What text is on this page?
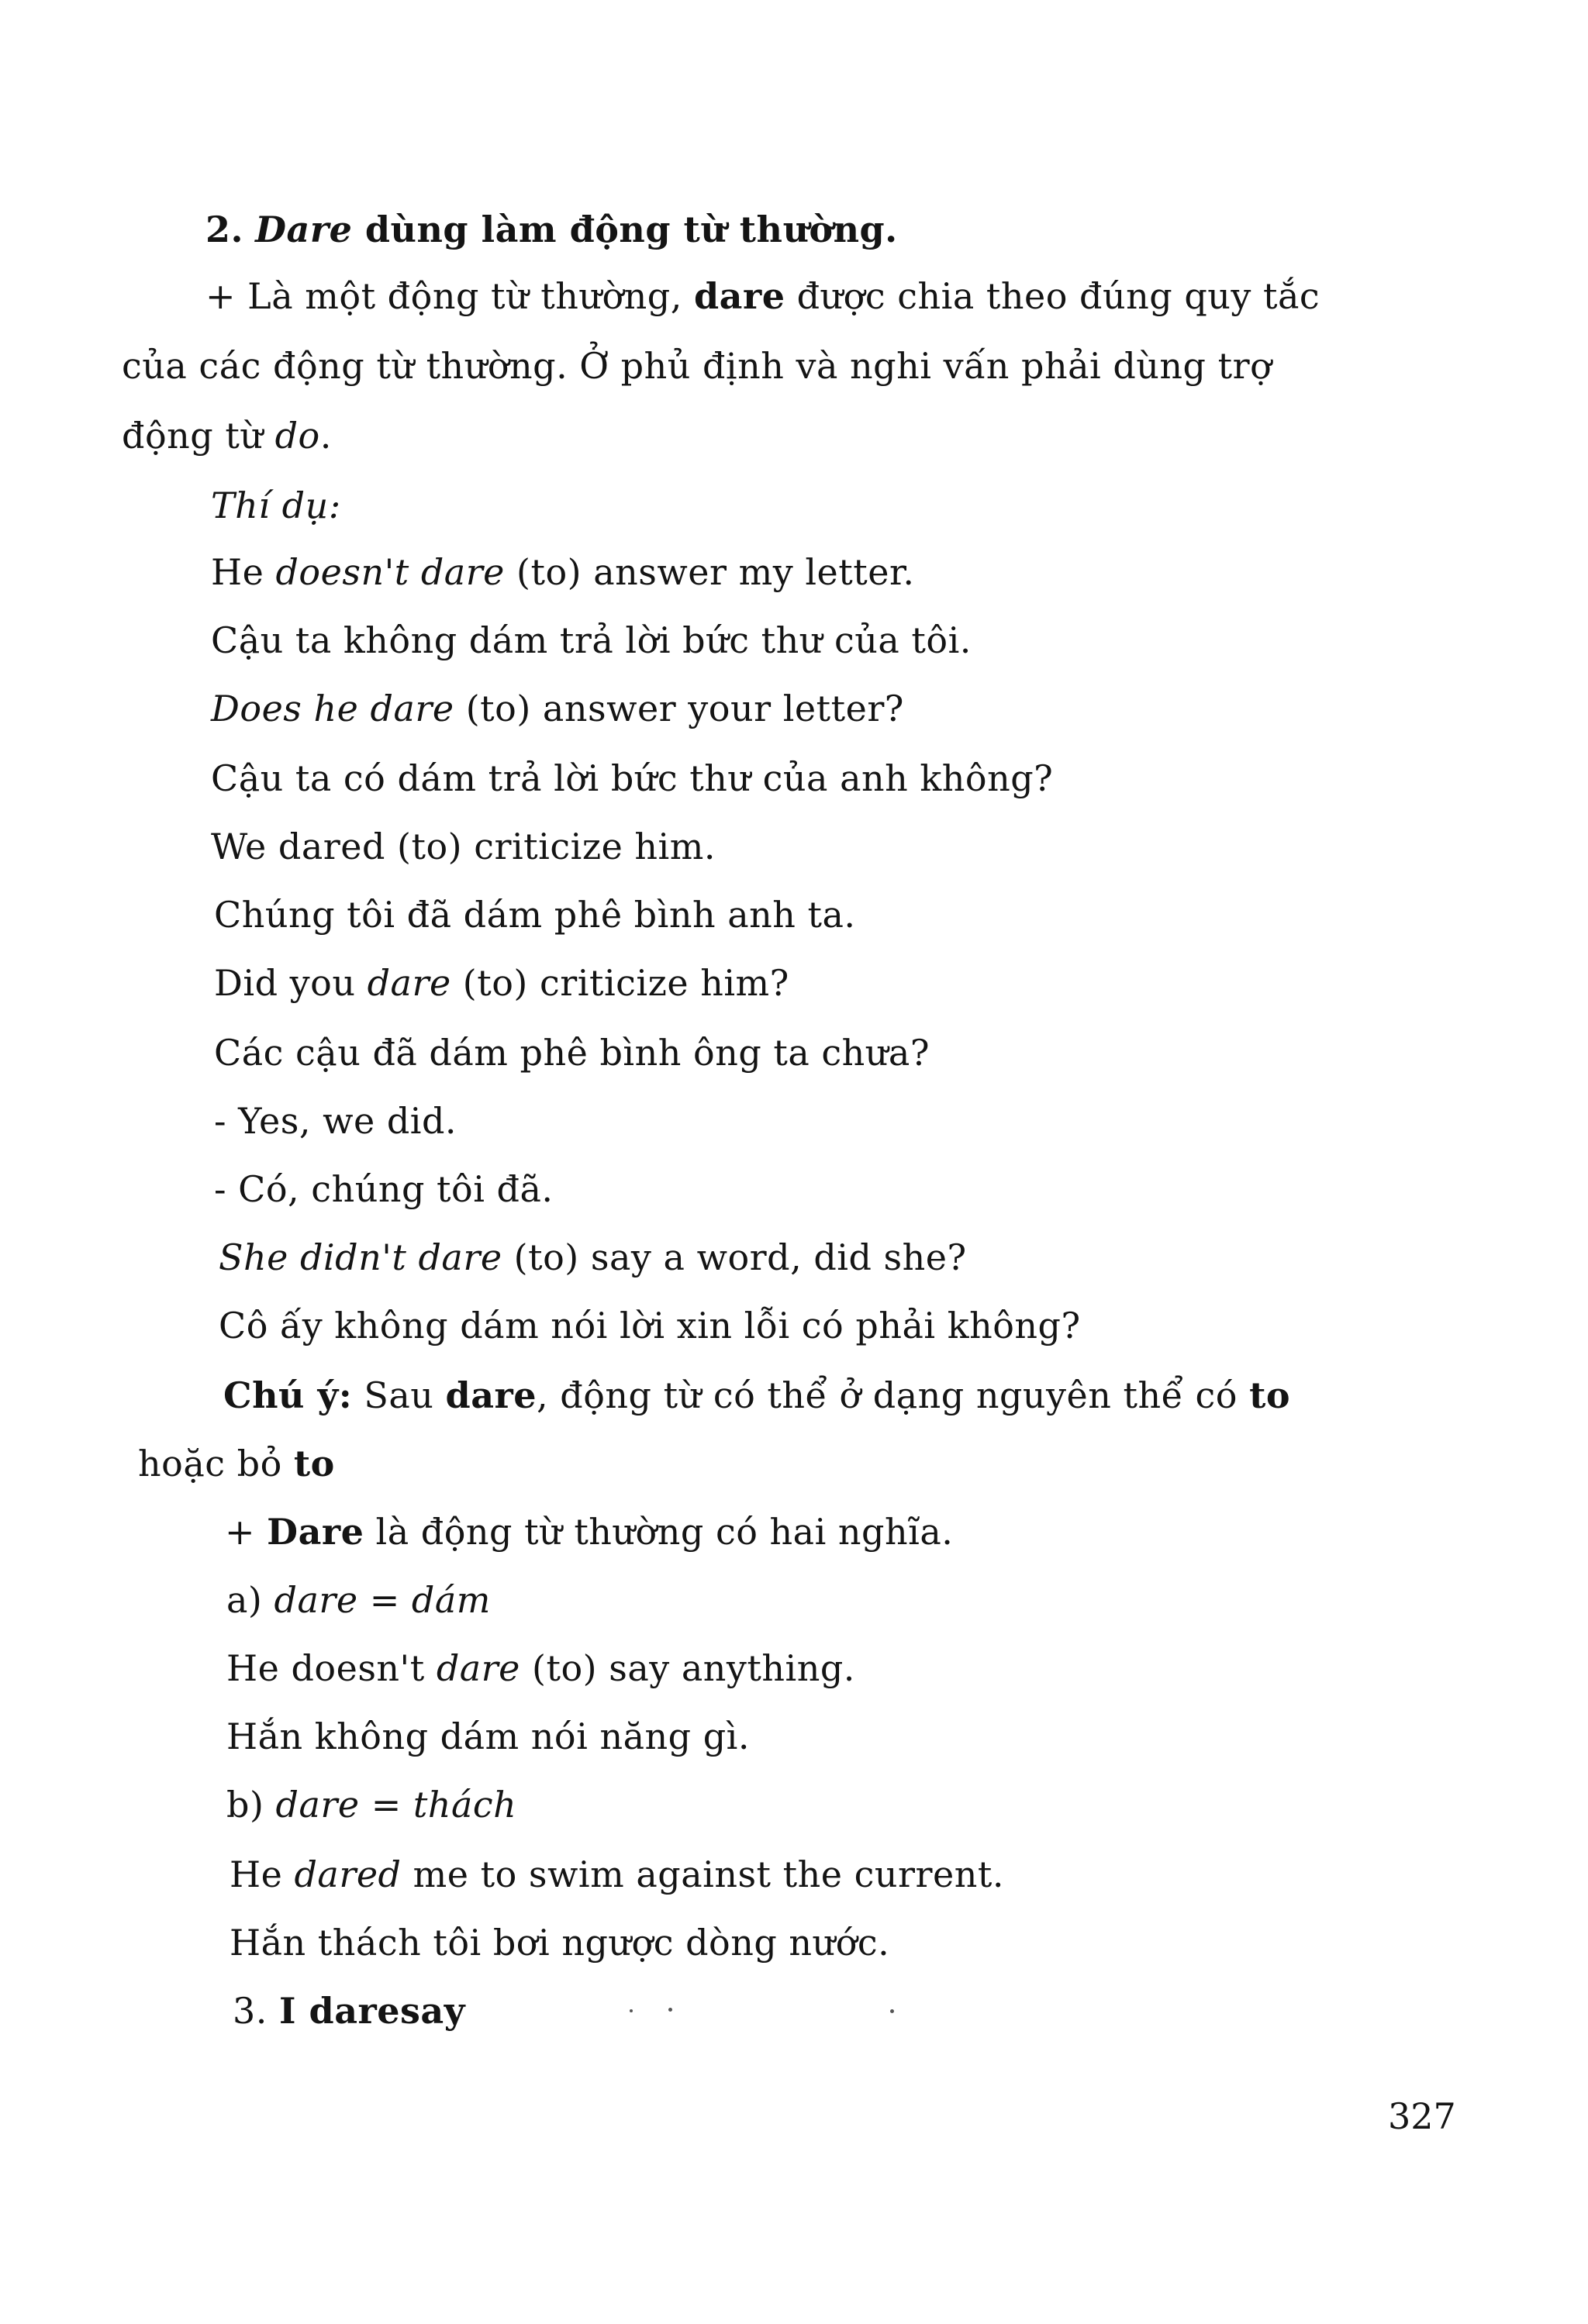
2. Dare dùng làm động từ thường.
+ Là một động từ thường, dare được chia theo đúng quy tắc
của các động từ thường. Ở phủ định và nghi vấn phải dùng trợ
động từ do.
Thí dụ:
He doesn't dare (to) answer my letter.
Cậu ta không dám trả lời bức thư của tôi.
Does he dare (to) answer your letter?
Cậu ta có dám trả lời bức thư của anh không?
We dared (to) criticize him.
Chúng tôi đã dám phê bình anh ta.
Did you dare (to) criticize him?
Các cậu đã dám phê bình ông ta chưa?
- Yes, we did.
- Có, chúng tôi đã.
She didn't dare (to) say a word, did she?
Cô ấy không dám nói lời xin lỗi có phải không?
Chú ý: Sau dare, động từ có thể ở dạng nguyên thể có to
hoặc bỏ to
+ Dare là động từ thường có hai nghĩa.
a) dare = dám
He doesn't dare (to) say anything.
Hắn không dám nói năng gì.
b) dare = thách
He dared me to swim against the current.
Hắn thách tôi bơi ngược dòng nước.
3. I daresay
327
